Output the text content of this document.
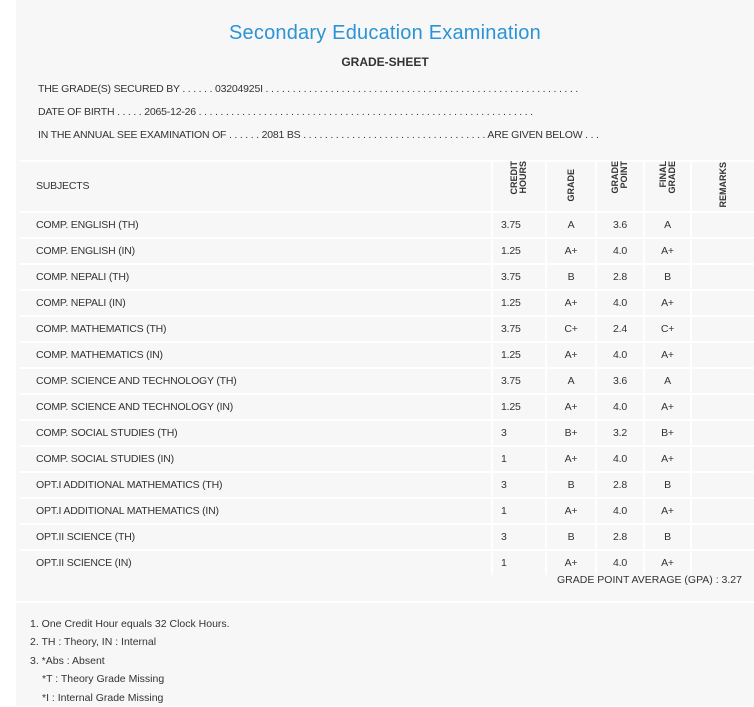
Secondary Education Examination
GRADE-SHEET
THE GRADE(S) SECURED BY . . . . . . 03204925I . . . . . . . . . . . . . . . . . . . . . . . . . . . . . . . . . . . . . . . . . . . . . . . . . . . . . . . . . .
DATE OF BIRTH . . . . . 2065-12-26 . . . . . . . . . . . . . . . . . . . . . . . . . . . . . . . . . . . . . . . . . . . . . . . . . . . . . . . . . . . . . .
IN THE ANNUAL SEE EXAMINATION OF . . . . . . 2081 BS . . . . . . . . . . . . . . . . . . . . . . . . . . . . . . . . . . ARE GIVEN BELOW . . .
SUBJECTS	CREDIT HOURS	GRADE	GRADE POINT	FINAL GRADE	REMARKS
COMP. ENGLISH (TH)	3.75	A	3.6	A	
COMP. ENGLISH (IN)	1.25	A+	4.0	A+	
COMP. NEPALI (TH)	3.75	B	2.8	B	
COMP. NEPALI (IN)	1.25	A+	4.0	A+	
COMP. MATHEMATICS (TH)	3.75	C+	2.4	C+	
COMP. MATHEMATICS (IN)	1.25	A+	4.0	A+	
COMP. SCIENCE AND TECHNOLOGY (TH)	3.75	A	3.6	A	
COMP. SCIENCE AND TECHNOLOGY (IN)	1.25	A+	4.0	A+	
COMP. SOCIAL STUDIES (TH)	3	B+	3.2	B+	
COMP. SOCIAL STUDIES (IN)	1	A+	4.0	A+	
OPT.I ADDITIONAL MATHEMATICS (TH)	3	B	2.8	B	
OPT.I ADDITIONAL MATHEMATICS (IN)	1	A+	4.0	A+	
OPT.II SCIENCE (TH)	3	B	2.8	B	
OPT.II SCIENCE (IN)	1	A+	4.0	A+	
GRADE POINT AVERAGE (GPA) : 3.27
1. One Credit Hour equals 32 Clock Hours.
2. TH : Theory, IN : Internal
3. *Abs : Absent
*T : Theory Grade Missing
*I : Internal Grade Missing
